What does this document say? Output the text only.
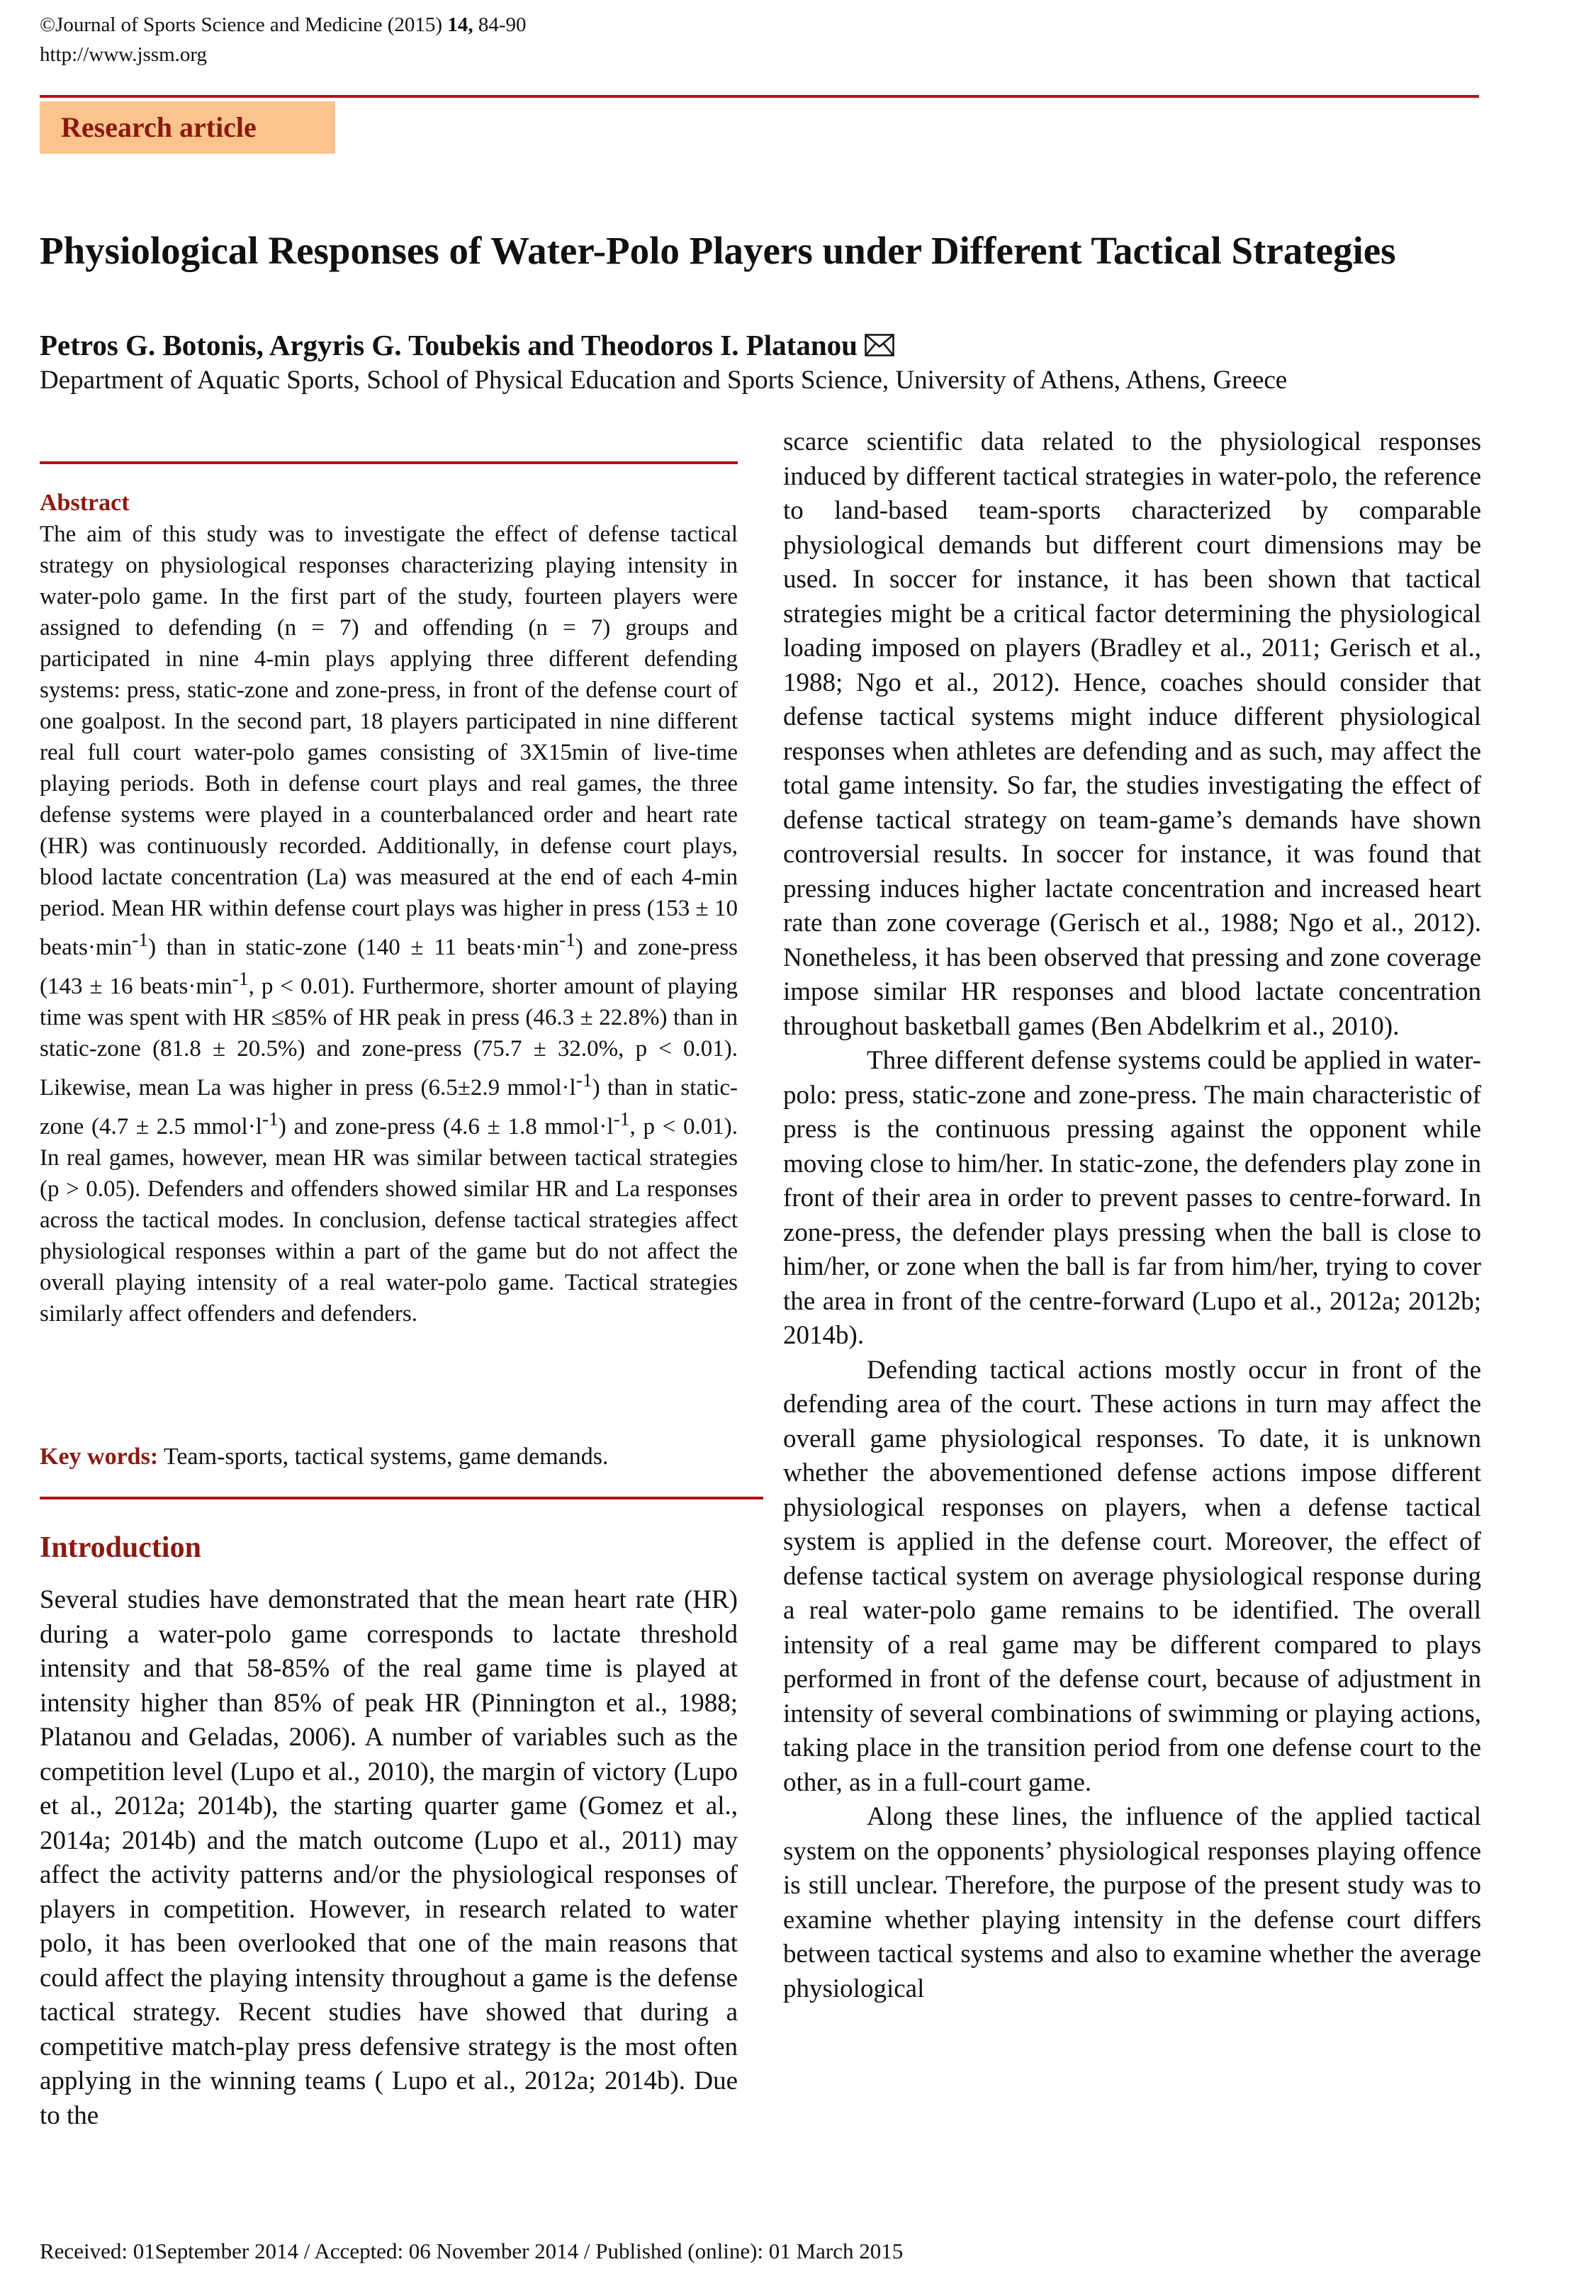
©Journal of Sports Science and Medicine (2015) 14, 84-90
http://www.jssm.org
Research article
Physiological Responses of Water-Polo Players under Different Tactical Strategies
Petros G. Botonis, Argyris G. Toubekis and Theodoros I. Platanou
Department of Aquatic Sports, School of Physical Education and Sports Science, University of Athens, Athens, Greece
Abstract

The aim of this study was to investigate the effect of defense tactical strategy on physiological responses characterizing playing intensity in water-polo game. In the first part of the study, fourteen players were assigned to defending (n = 7) and offending (n = 7) groups and participated in nine 4-min plays applying three different defending systems: press, static-zone and zone-press, in front of the defense court of one goalpost. In the second part, 18 players participated in nine different real full court water-polo games consisting of 3X15min of live-time playing periods. Both in defense court plays and real games, the three defense systems were played in a counterbalanced order and heart rate (HR) was continuously recorded. Additionally, in defense court plays, blood lactate concentration (La) was measured at the end of each 4-min period. Mean HR within defense court plays was higher in press (153 ± 10 $beats\cdot\min^{-1}$) than in static-zone (140 ± 11 $beats\cdot\min^{-1}$) and zone-press (143 ± 16 $beats\cdot\min^{-1}$, p < 0.01). Furthermore, shorter amount of playing time was spent with HR ≤85% of HR peak in press (46.3 ± 22.8%) than in static-zone (81.8 ± 20.5%) and zone-press (75.7 ± 32.0%, p < 0.01). Likewise, mean La was higher in press (6.5±2.9 $mmol\cdot l^{-1}$) than in static-zone (4.7 ± 2.5 $mmol\cdot l^{-1}$) and zone-press (4.6 ± 1.8 $mmol\cdot l^{-1}$, p < 0.01). In real games, however, mean HR was similar between tactical strategies (p > 0.05). Defenders and offenders showed similar HR and La responses across the tactical modes. In conclusion, defense tactical strategies affect physiological responses within a part of the game but do not affect the overall playing intensity of a real water-polo game. Tactical strategies similarly affect offenders and defenders.

Key words: Team-sports, tactical systems, game demands.
Introduction

Several studies have demonstrated that the mean heart rate (HR) during a water-polo game corresponds to lactate threshold intensity and that 58-85% of the real game time is played at intensity higher than 85% of peak HR (Pinnington et al., 1988; Platanou and Geladas, 2006). A number of variables such as the competition level (Lupo et al., 2010), the margin of victory (Lupo et al., 2012a; 2014b), the starting quarter game (Gomez et al., 2014a; 2014b) and the match outcome (Lupo et al., 2011) may affect the activity patterns and/or the physiological responses of players in competition. However, in research related to water polo, it has been overlooked that one of the main reasons that could affect the playing intensity throughout a game is the defense tactical strategy. Recent studies have showed that during a competitive match-play press defensive strategy is the most often applying in the winning teams ( Lupo et al., 2012a; 2014b). Due to the

scarce scientific data related to the physiological responses induced by different tactical strategies in water-polo, the reference to land-based team-sports characterized by comparable physiological demands but different court dimensions may be used. In soccer for instance, it has been shown that tactical strategies might be a critical factor determining the physiological loading imposed on players (Bradley et al., 2011; Gerisch et al., 1988; Ngo et al., 2012). Hence, coaches should consider that defense tactical systems might induce different physiological responses when athletes are defending and as such, may affect the total game intensity. So far, the studies investigating the effect of defense tactical strategy on team-game’s demands have shown controversial results. In soccer for instance, it was found that pressing induces higher lactate concentration and increased heart rate than zone coverage (Gerisch et al., 1988; Ngo et al., 2012). Nonetheless, it has been observed that pressing and zone coverage impose similar HR responses and blood lactate concentration throughout basketball games (Ben Abdelkrim et al., 2010).

Three different defense systems could be applied in water-polo: press, static-zone and zone-press. The main characteristic of press is the continuous pressing against the opponent while moving close to him/her. In static-zone, the defenders play zone in front of their area in order to prevent passes to centre-forward. In zone-press, the defender plays pressing when the ball is close to him/her, or zone when the ball is far from him/her, trying to cover the area in front of the centre-forward (Lupo et al., 2012a; 2012b; 2014b).

Defending tactical actions mostly occur in front of the defending area of the court. These actions in turn may affect the overall game physiological responses. To date, it is unknown whether the abovementioned defense actions impose different physiological responses on players, when a defense tactical system is applied in the defense court. Moreover, the effect of defense tactical system on average physiological response during a real water-polo game remains to be identified. The overall intensity of a real game may be different compared to plays performed in front of the defense court, because of adjustment in intensity of several combinations of swimming or playing actions, taking place in the transition period from one defense court to the other, as in a full-court game.

Along these lines, the influence of the applied tactical system on the opponents’ physiological responses playing offence is still unclear. Therefore, the purpose of the present study was to examine whether playing intensity in the defense court differs between tactical systems and also to examine whether the average physiological

Received: 01September 2014 / Accepted: 06 November 2014 / Published (online): 01 March 2015
